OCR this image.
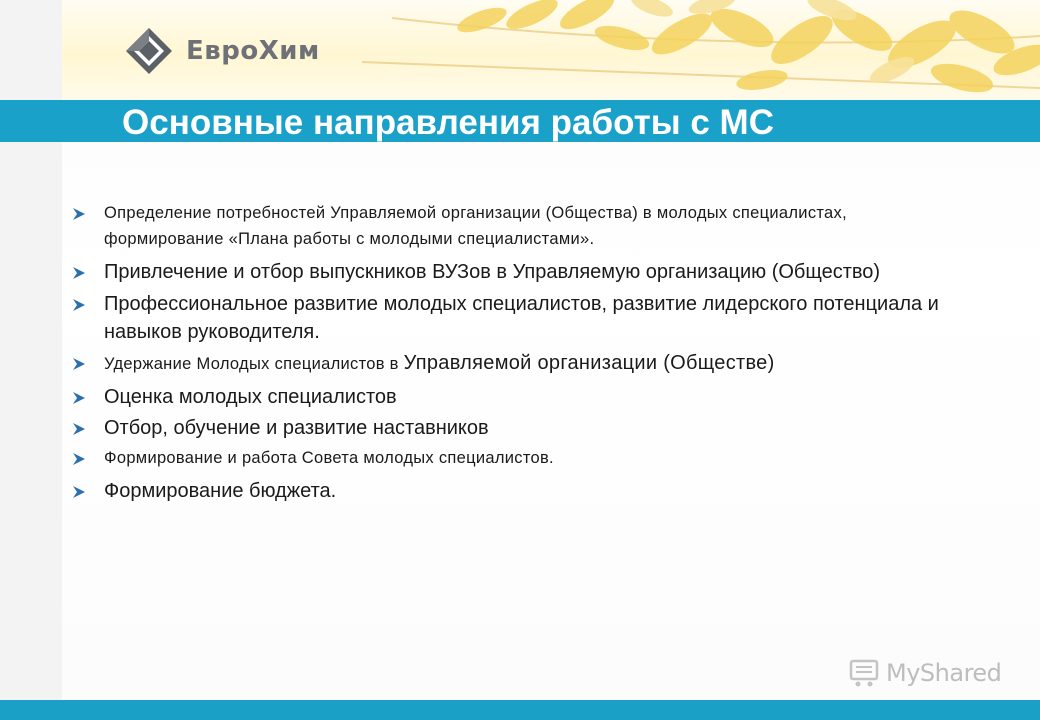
ЕвроХим
Основные направления работы с МС
Определение потребностей Управляемой организации (Общества) в молодых специалистах, формирование «Плана работы с молодыми специалистами».
Привлечение и отбор выпускников ВУЗов в Управляемую организацию (Общество)
Профессиональное развитие молодых специалистов, развитие лидерского потенциала и навыков руководителя.
Удержание Молодых специалистов в Управляемой организации (Обществе)
Оценка молодых специалистов
Отбор, обучение и развитие наставников
Формирование и работа Совета молодых специалистов.
Формирование бюджета.
MyShared
